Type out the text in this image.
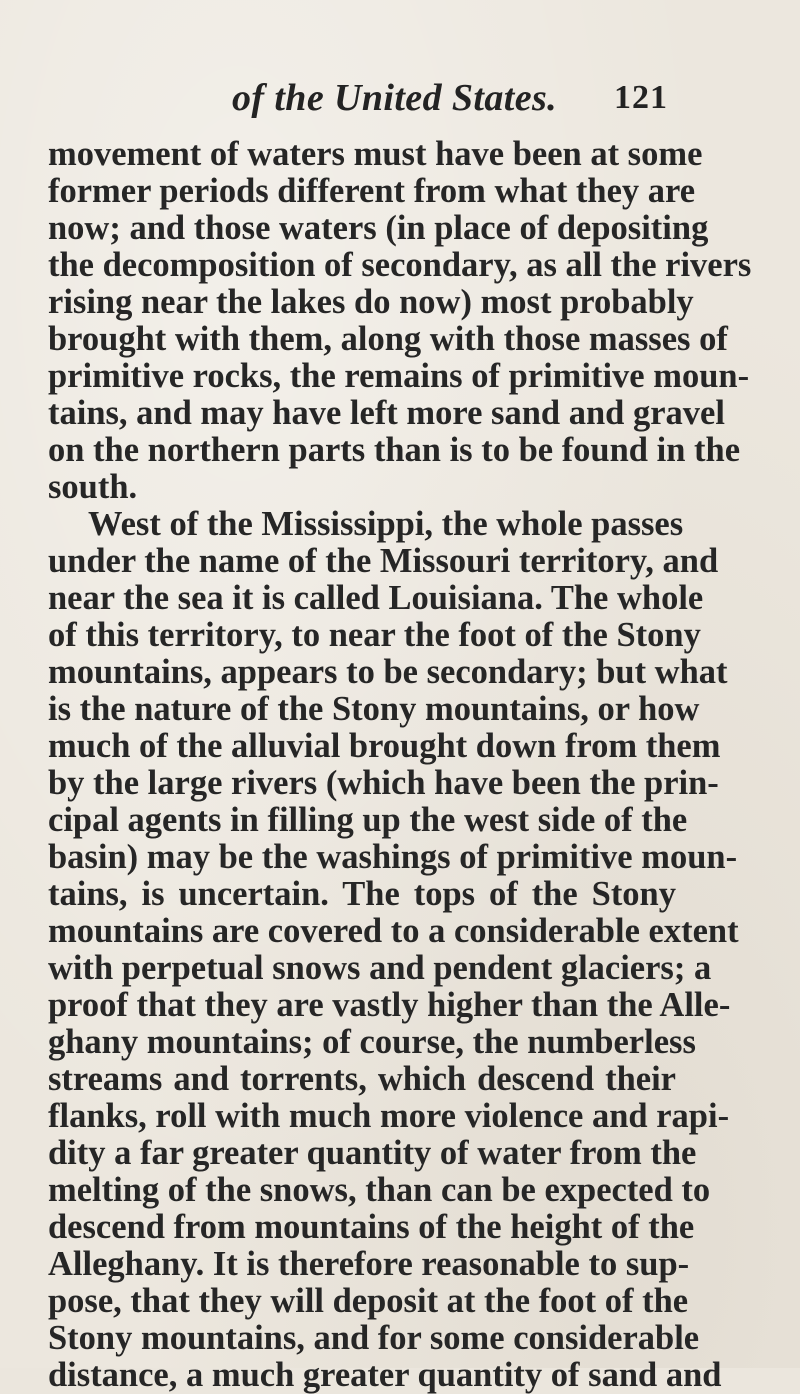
of the United States. 121
movement of waters must have been at some
former periods different from what they are
now; and those waters (in place of depositing
the decomposition of secondary, as all the rivers
rising near the lakes do now) most probably
brought with them, along with those masses of
primitive rocks, the remains of primitive moun-
tains, and may have left more sand and gravel
on the northern parts than is to be found in the
south.
West of the Mississippi, the whole passes
under the name of the Missouri territory, and
near the sea it is called Louisiana. The whole
of this territory, to near the foot of the Stony
mountains, appears to be secondary; but what
is the nature of the Stony mountains, or how
much of the alluvial brought down from them
by the large rivers (which have been the prin-
cipal agents in filling up the west side of the
basin) may be the washings of primitive moun-
tains, is uncertain. The tops of the Stony
mountains are covered to a considerable extent
with perpetual snows and pendent glaciers; a
proof that they are vastly higher than the Alle-
ghany mountains; of course, the numberless
streams and torrents, which descend their
flanks, roll with much more violence and rapi-
dity a far greater quantity of water from the
melting of the snows, than can be expected to
descend from mountains of the height of the
Alleghany. It is therefore reasonable to sup-
pose, that they will deposit at the foot of the
Stony mountains, and for some considerable
distance, a much greater quantity of sand and
